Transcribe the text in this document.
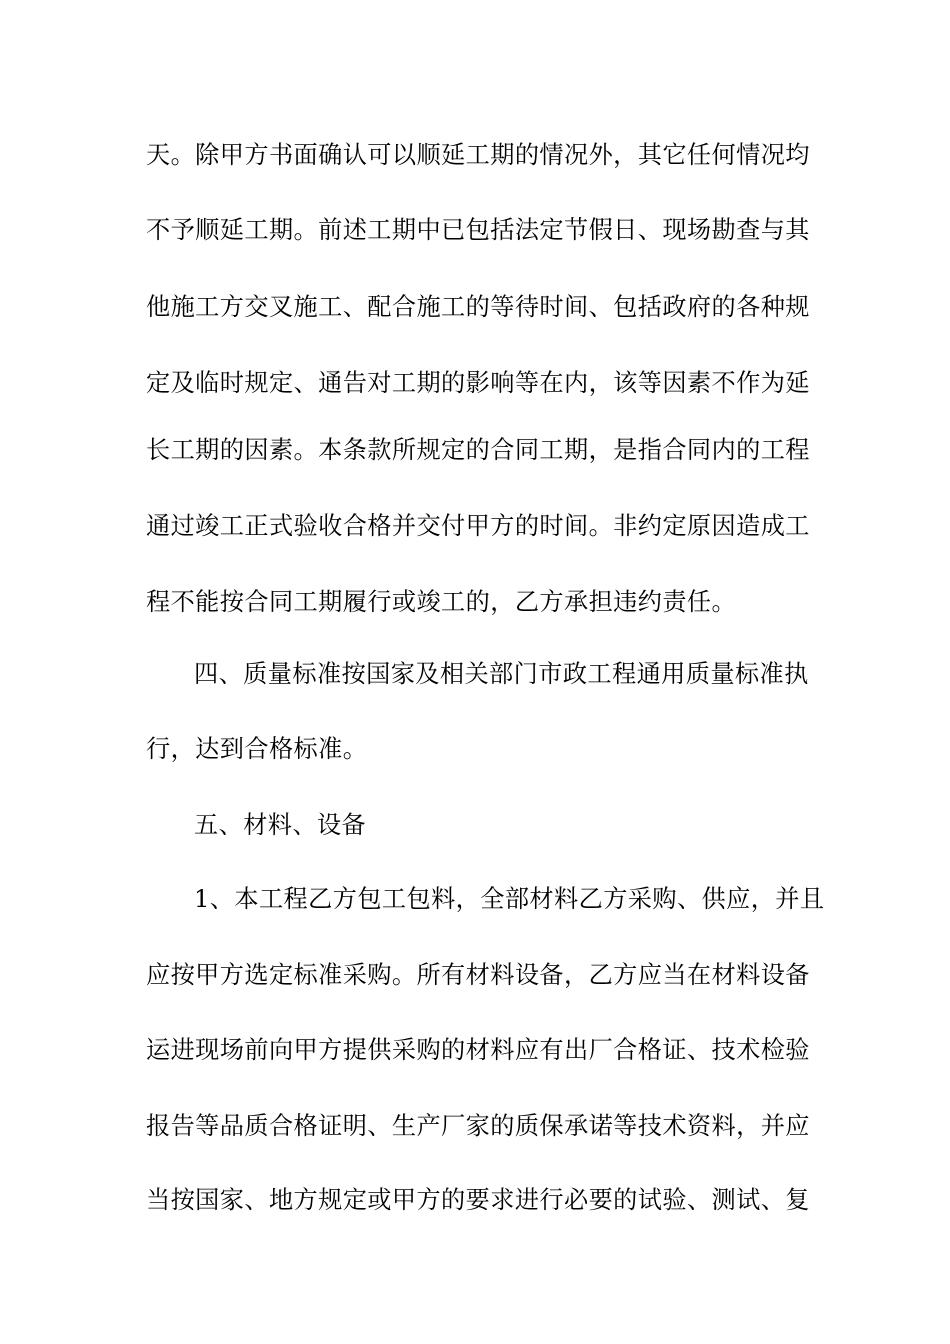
天。除甲方书面确认可以顺延工期的情况外，其它任何情况均
不予顺延工期。前述工期中已包括法定节假日、现场勘查与其
他施工方交叉施工、配合施工的等待时间、包括政府的各种规
定及临时规定、通告对工期的影响等在内，该等因素不作为延
长工期的因素。本条款所规定的合同工期，是指合同内的工程
通过竣工正式验收合格并交付甲方的时间。非约定原因造成工
程不能按合同工期履行或竣工的，乙方承担违约责任。
四、质量标准按国家及相关部门市政工程通用质量标准执
行，达到合格标准。
五、材料、设备
1、本工程乙方包工包料，全部材料乙方采购、供应，并且
应按甲方选定标准采购。所有材料设备，乙方应当在材料设备
运进现场前向甲方提供采购的材料应有出厂合格证、技术检验
报告等品质合格证明、生产厂家的质保承诺等技术资料，并应
当按国家、地方规定或甲方的要求进行必要的试验、测试、复
